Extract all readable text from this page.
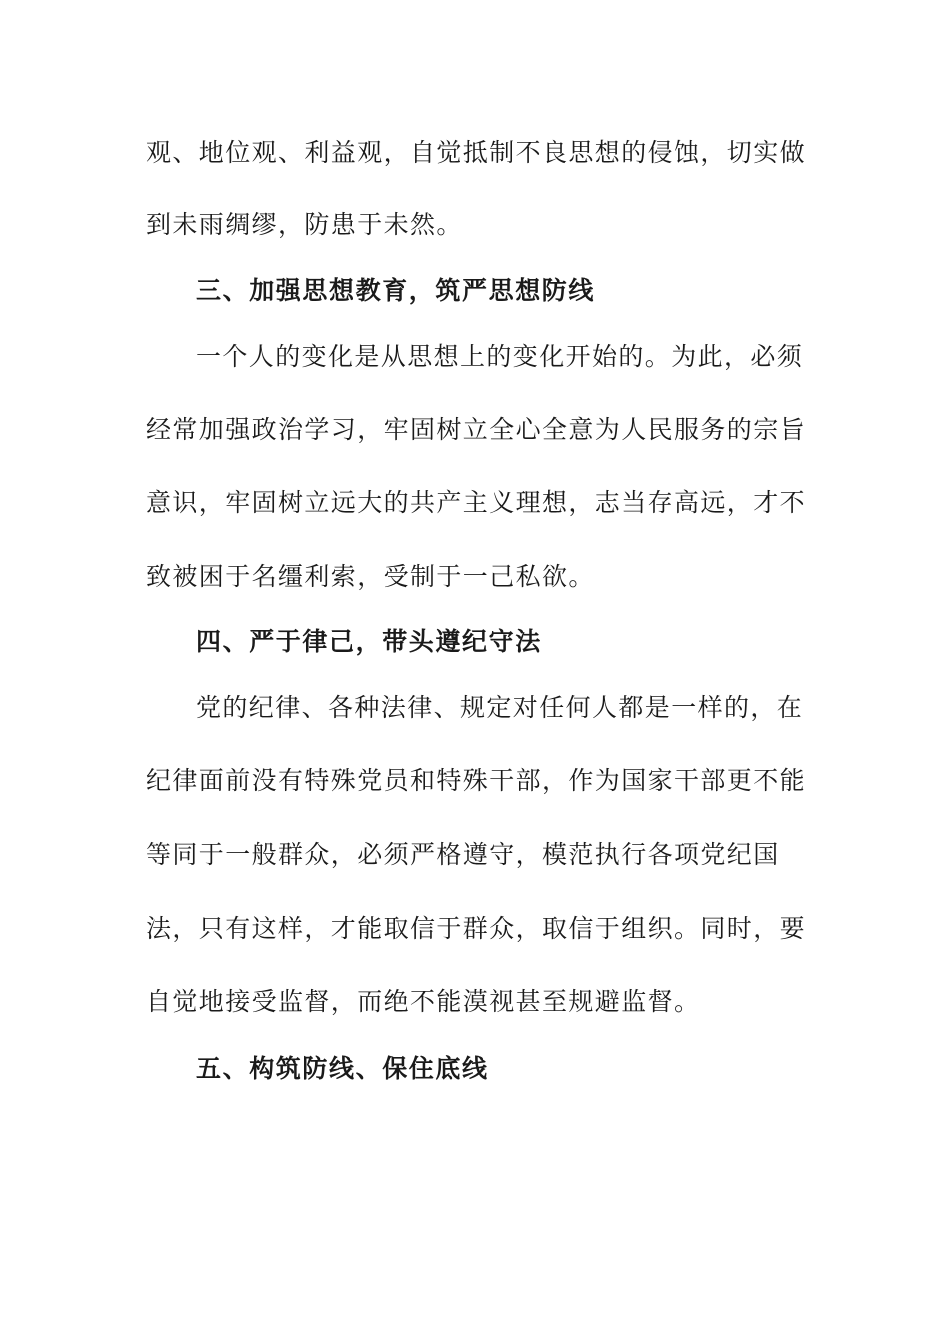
观、地位观、利益观，自觉抵制不良思想的侵蚀，切实做
到未雨绸缪，防患于未然。
三、加强思想教育，筑严思想防线
一个人的变化是从思想上的变化开始的。为此，必须
经常加强政治学习，牢固树立全心全意为人民服务的宗旨
意识，牢固树立远大的共产主义理想，志当存高远，才不
致被困于名缰利索，受制于一己私欲。
四、严于律己，带头遵纪守法
党的纪律、各种法律、规定对任何人都是一样的，在
纪律面前没有特殊党员和特殊干部，作为国家干部更不能
等同于一般群众，必须严格遵守，模范执行各项党纪国
法，只有这样，才能取信于群众，取信于组织。同时，要
自觉地接受监督，而绝不能漠视甚至规避监督。
五、构筑防线、保住底线
